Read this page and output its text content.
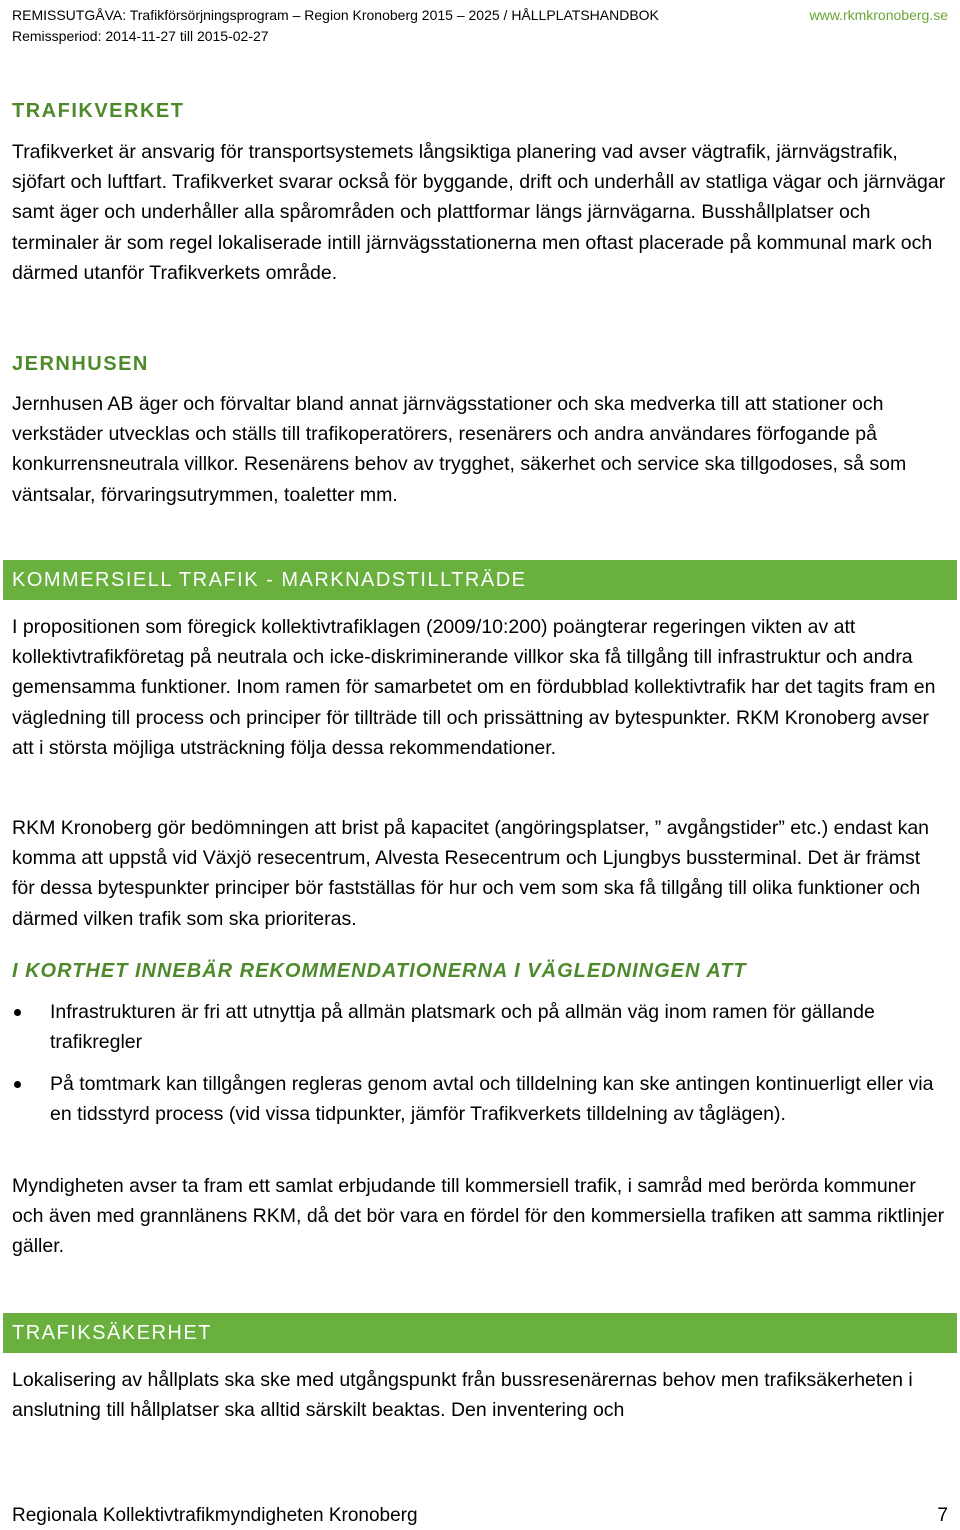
REMISSUTGÅVA: Trafikförsörjningsprogram – Region Kronoberg 2015 – 2025 / HÅLLPLATSHANDBOK	www.rkmkronoberg.se
Remissperiod: 2014-11-27 till 2015-02-27
TRAFIKVERKET

Trafikverket är ansvarig för transportsystemets långsiktiga planering vad avser vägtrafik, järnvägstrafik, sjöfart och luftfart. Trafikverket svarar också för byggande, drift och underhåll av statliga vägar och järnvägar samt äger och underhåller alla spårområden och plattformar längs järnvägarna. Busshållplatser och terminaler är som regel lokaliserade intill järnvägsstationerna men oftast placerade på kommunal mark och därmed utanför Trafikverkets område.

JERNHUSEN

Jernhusen AB äger och förvaltar bland annat järnvägsstationer och ska medverka till att stationer och verkstäder utvecklas och ställs till trafikoperatörers, resenärers och andra användares förfogande på konkurrensneutrala villkor. Resenärens behov av trygghet, säkerhet och service ska tillgodoses, så som väntsalar, förvaringsutrymmen, toaletter mm.

KOMMERSIELL TRAFIK - MARKNADSTILLTRÄDE

I propositionen som föregick kollektivtrafiklagen (2009/10:200) poängterar regeringen vikten av att kollektivtrafikföretag på neutrala och icke-diskriminerande villkor ska få tillgång till infrastruktur och andra gemensamma funktioner. Inom ramen för samarbetet om en fördubblad kollektivtrafik har det tagits fram en vägledning till process och principer för tillträde till och prissättning av bytespunkter. RKM Kronoberg avser att i största möjliga utsträckning följa dessa rekommendationer.

RKM Kronoberg gör bedömningen att brist på kapacitet (angöringsplatser, ” avgångstider” etc.) endast kan komma att uppstå vid Växjö resecentrum, Alvesta Resecentrum och Ljungbys bussterminal. Det är främst för dessa bytespunkter principer bör fastställas för hur och vem som ska få tillgång till olika funktioner och därmed vilken trafik som ska prioriteras.

I KORTHET INNEBÄR REKOMMENDATIONERNA I VÄGLEDNINGEN ATT

Infrastrukturen är fri att utnyttja på allmän platsmark och på allmän väg inom ramen för gällande trafikregler

På tomtmark kan tillgången regleras genom avtal och tilldelning kan ske antingen kontinuerligt eller via en tidsstyrd process (vid vissa tidpunkter, jämför Trafikverkets tilldelning av tåglägen).

Myndigheten avser ta fram ett samlat erbjudande till kommersiell trafik, i samråd med berörda kommuner och även med grannlänens RKM, då det bör vara en fördel för den kommersiella trafiken att samma riktlinjer gäller.

TRAFIKSÄKERHET

Lokalisering av hållplats ska ske med utgångspunkt från bussresenärernas behov men trafiksäkerheten i anslutning till hållplatser ska alltid särskilt beaktas. Den inventering och

Regionala Kollektivtrafikmyndigheten Kronoberg	7
